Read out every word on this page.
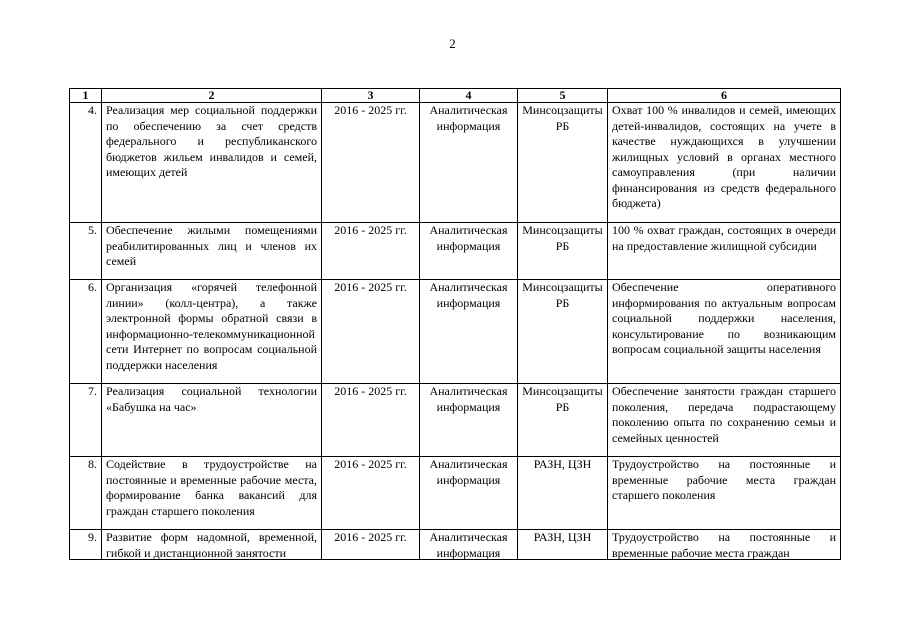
2
1	2	3	4	5	6
4.	Реализация мер социальной поддержки по обеспечению за счет средств федерального и республиканского бюджетов жильем инвалидов и семей, имеющих детей	2016 - 2025 гг.	Аналитическая информация	Минсоцзащиты РБ	Охват 100 % инвалидов и семей, имеющих детей-инвалидов, состоящих на учете в качестве нуждающихся в улучшении жилищных условий в органах местного самоуправления (при наличии финансирования из средств федерального бюджета)
5.	Обеспечение жилыми помещениями реабилитированных лиц и членов их семей	2016 - 2025 гг.	Аналитическая информация	Минсоцзащиты РБ	100 % охват граждан, состоящих в очереди на предоставление жилищной субсидии
6.	Организация «горячей телефонной линии» (колл-центра), а также электронной формы обратной связи в информационно-телекоммуникационной сети Интернет по вопросам социальной поддержки населения	2016 - 2025 гг.	Аналитическая информация	Минсоцзащиты РБ	Обеспечение оперативного информирования по актуальным вопросам социальной поддержки населения, консультирование по возникающим вопросам социальной защиты населения
7.	Реализация социальной технологии «Бабушка на час»	2016 - 2025 гг.	Аналитическая информация	Минсоцзащиты РБ	Обеспечение занятости граждан старшего поколения, передача подрастающему поколению опыта по сохранению семьи и семейных ценностей
8.	Содействие в трудоустройстве на постоянные и временные рабочие места, формирование банка вакансий для граждан старшего поколения	2016 - 2025 гг.	Аналитическая информация	РАЗН, ЦЗН	Трудоустройство на постоянные и временные рабочие места граждан старшего поколения

9.	Развитие форм надомной, временной, гибкой и дистанционной занятости	2016 - 2025 гг.	Аналитическая информация	РАЗН, ЦЗН	Трудоустройство на постоянные и временные рабочие места граждан
